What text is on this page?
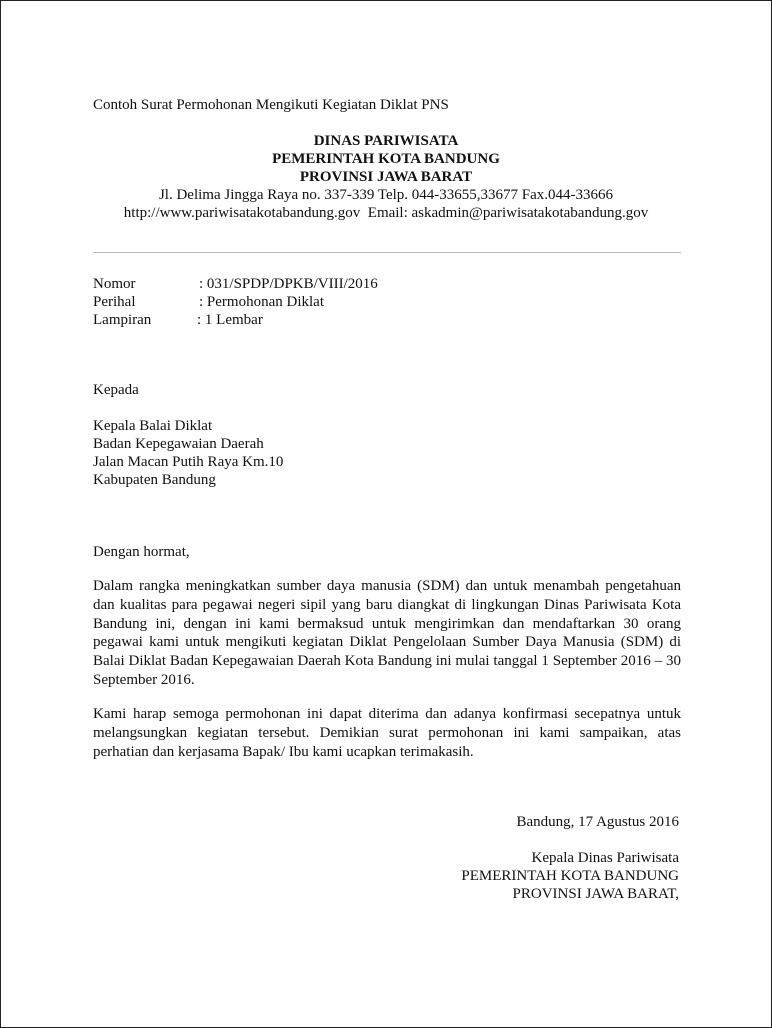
Contoh Surat Permohonan Mengikuti Kegiatan Diklat PNS
DINAS PARIWISATA
PEMERINTAH KOTA BANDUNG
PROVINSI JAWA BARAT
Jl. Delima Jingga Raya no. 337-339 Telp. 044-33655,33677 Fax.044-33666
http://www.pariwisatakotabandung.gov  Email: askadmin@pariwisatakotabandung.gov
Nomor	: 031/SPDP/DPKB/VIII/2016
Perihal	: Permohonan Diklat
Lampiran	: 1 Lembar
Kepada
Kepala Balai Diklat
Badan Kepegawaian Daerah
Jalan Macan Putih Raya Km.10
Kabupaten Bandung
Dengan hormat,
Dalam rangka meningkatkan sumber daya manusia (SDM) dan untuk menambah pengetahuan dan kualitas para pegawai negeri sipil yang baru diangkat di lingkungan Dinas Pariwisata Kota Bandung ini, dengan ini kami bermaksud untuk mengirimkan dan mendaftarkan 30 orang pegawai kami untuk mengikuti kegiatan Diklat Pengelolaan Sumber Daya Manusia (SDM) di Balai Diklat Badan Kepegawaian Daerah Kota Bandung ini mulai tanggal 1 September 2016 – 30 September 2016.
Kami harap semoga permohonan ini dapat diterima dan adanya konfirmasi secepatnya untuk melangsungkan kegiatan tersebut. Demikian surat permohonan ini kami sampaikan, atas perhatian dan kerjasama Bapak/ Ibu kami ucapkan terimakasih.
Bandung, 17 Agustus 2016
Kepala Dinas Pariwisata
PEMERINTAH KOTA BANDUNG
PROVINSI JAWA BARAT,
